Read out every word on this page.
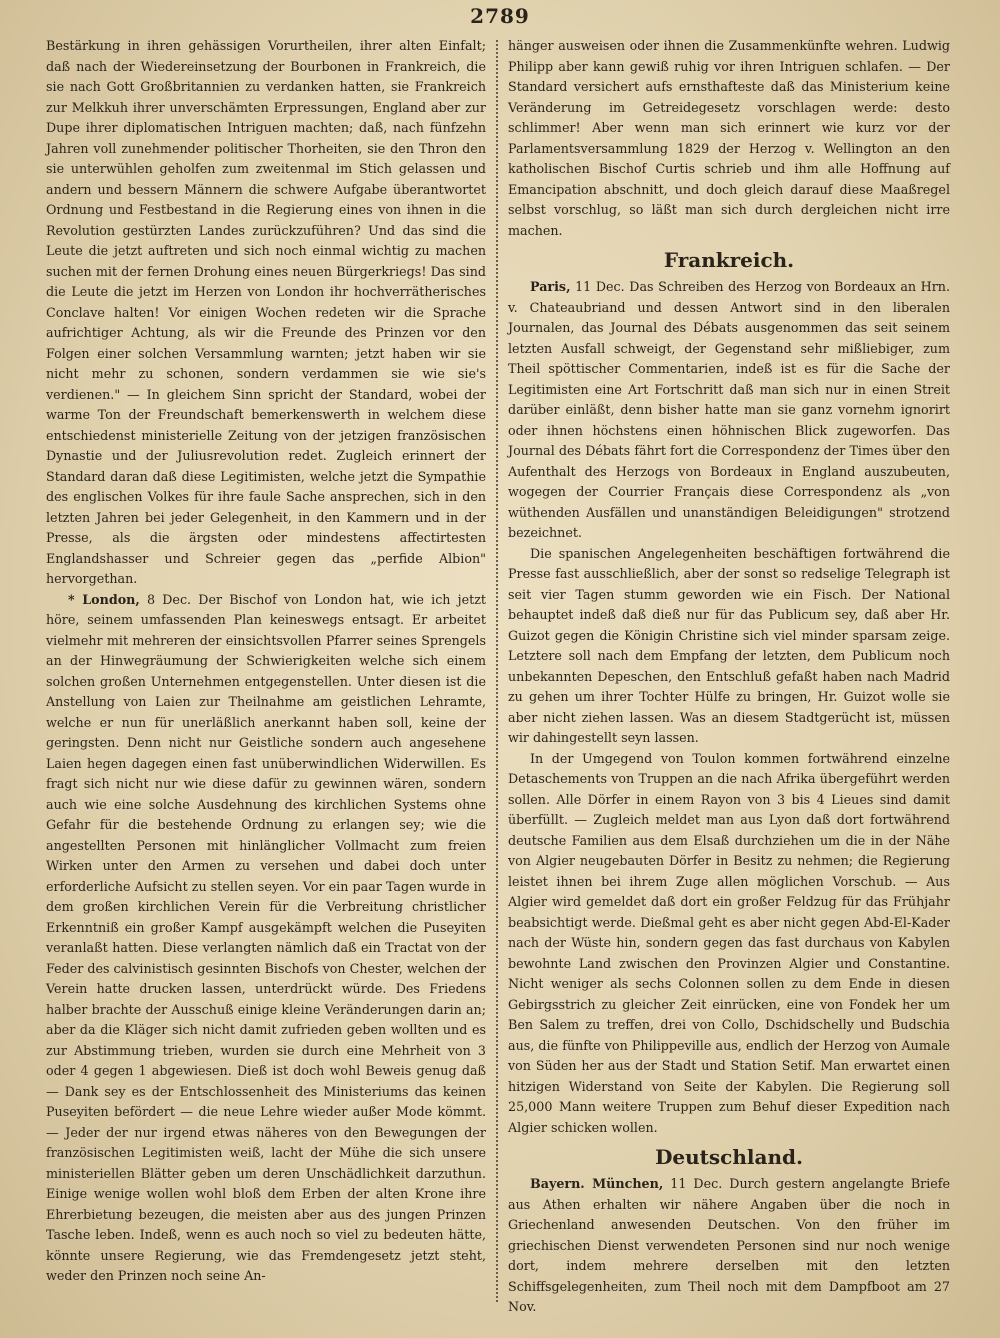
2789

Bestärkung in ihren gehässigen Vorurtheilen, ihrer alten Einfalt; daß nach der Wiedereinsetzung der Bourbonen in Frankreich, die sie nach Gott Großbritannien zu verdanken hatten, sie Frankreich zur Melkkuh ihrer unverschämten Erpressungen, England aber zur Dupe ihrer diplomatischen Intriguen machten; daß, nach fünfzehn Jahren voll zunehmender politischer Thorheiten, sie den Thron den sie unterwühlen geholfen zum zweitenmal im Stich gelassen und andern und bessern Männern die schwere Aufgabe überantwortet Ordnung und Festbestand in die Regierung eines von ihnen in die Revolution gestürzten Landes zurückzuführen? Und das sind die Leute die jetzt auftreten und sich noch einmal wichtig zu machen suchen mit der fernen Drohung eines neuen Bürgerkriegs! Das sind die Leute die jetzt im Herzen von London ihr hochverrätherisches Conclave halten! Vor einigen Wochen redeten wir die Sprache aufrichtiger Achtung, als wir die Freunde des Prinzen vor den Folgen einer solchen Versammlung warnten; jetzt haben wir sie nicht mehr zu schonen, sondern verdammen sie wie sie's verdienen." — In gleichem Sinn spricht der Standard, wobei der warme Ton der Freundschaft bemerkenswerth in welchem diese entschiedenst ministerielle Zeitung von der jetzigen französischen Dynastie und der Juliusrevolution redet. Zugleich erinnert der Standard daran daß diese Legitimisten, welche jetzt die Sympathie des englischen Volkes für ihre faule Sache ansprechen, sich in den letzten Jahren bei jeder Gelegenheit, in den Kammern und in der Presse, als die ärgsten oder mindestens affectirtesten Englandshasser und Schreier gegen das „perfide Albion" hervorgethan.

* London, 8 Dec. Der Bischof von London hat, wie ich jetzt höre, seinem umfassenden Plan keineswegs entsagt. Er arbeitet vielmehr mit mehreren der einsichtsvollen Pfarrer seines Sprengels an der Hinwegräumung der Schwierigkeiten welche sich einem solchen großen Unternehmen entgegenstellen. Unter diesen ist die Anstellung von Laien zur Theilnahme am geistlichen Lehramte, welche er nun für unerläßlich anerkannt haben soll, keine der geringsten. Denn nicht nur Geistliche sondern auch angesehene Laien hegen dagegen einen fast unüberwindlichen Widerwillen. Es fragt sich nicht nur wie diese dafür zu gewinnen wären, sondern auch wie eine solche Ausdehnung des kirchlichen Systems ohne Gefahr für die bestehende Ordnung zu erlangen sey; wie die angestellten Personen mit hinlänglicher Vollmacht zum freien Wirken unter den Armen zu versehen und dabei doch unter erforderliche Aufsicht zu stellen seyen. Vor ein paar Tagen wurde in dem großen kirchlichen Verein für die Verbreitung christlicher Erkenntniß ein großer Kampf ausgekämpft welchen die Puseyiten veranlaßt hatten. Diese verlangten nämlich daß ein Tractat von der Feder des calvinistisch gesinnten Bischofs von Chester, welchen der Verein hatte drucken lassen, unterdrückt würde. Des Friedens halber brachte der Ausschuß einige kleine Veränderungen darin an; aber da die Kläger sich nicht damit zufrieden geben wollten und es zur Abstimmung trieben, wurden sie durch eine Mehrheit von 3 oder 4 gegen 1 abgewiesen. Dieß ist doch wohl Beweis genug daß — Dank sey es der Entschlossenheit des Ministeriums das keinen Puseyiten befördert — die neue Lehre wieder außer Mode kömmt. — Jeder der nur irgend etwas näheres von den Bewegungen der französischen Legitimisten weiß, lacht der Mühe die sich unsere ministeriellen Blätter geben um deren Unschädlichkeit darzuthun. Einige wenige wollen wohl bloß dem Erben der alten Krone ihre Ehrerbietung bezeugen, die meisten aber aus des jungen Prinzen Tasche leben. Indeß, wenn es auch noch so viel zu bedeuten hätte, könnte unsere Regierung, wie das Fremdengesetz jetzt steht, weder den Prinzen noch seine An-

hänger ausweisen oder ihnen die Zusammenkünfte wehren. Ludwig Philipp aber kann gewiß ruhig vor ihren Intriguen schlafen. — Der Standard versichert aufs ernsthafteste daß das Ministerium keine Veränderung im Getreidegesetz vorschlagen werde: desto schlimmer! Aber wenn man sich erinnert wie kurz vor der Parlamentsversammlung 1829 der Herzog v. Wellington an den katholischen Bischof Curtis schrieb und ihm alle Hoffnung auf Emancipation abschnitt, und doch gleich darauf diese Maaßregel selbst vorschlug, so läßt man sich durch dergleichen nicht irre machen.

Frankreich.

Paris, 11 Dec. Das Schreiben des Herzog von Bordeaux an Hrn. v. Chateaubriand und dessen Antwort sind in den liberalen Journalen, das Journal des Débats ausgenommen das seit seinem letzten Ausfall schweigt, der Gegenstand sehr mißliebiger, zum Theil spöttischer Commentarien, indeß ist es für die Sache der Legitimisten eine Art Fortschritt daß man sich nur in einen Streit darüber einläßt, denn bisher hatte man sie ganz vornehm ignorirt oder ihnen höchstens einen höhnischen Blick zugeworfen. Das Journal des Débats fährt fort die Correspondenz der Times über den Aufenthalt des Herzogs von Bordeaux in England auszubeuten, wogegen der Courrier Français diese Correspondenz als „von wüthenden Ausfällen und unanständigen Beleidigungen" strotzend bezeichnet.

Die spanischen Angelegenheiten beschäftigen fortwährend die Presse fast ausschließlich, aber der sonst so redselige Telegraph ist seit vier Tagen stumm geworden wie ein Fisch. Der National behauptet indeß daß dieß nur für das Publicum sey, daß aber Hr. Guizot gegen die Königin Christine sich viel minder sparsam zeige. Letztere soll nach dem Empfang der letzten, dem Publicum noch unbekannten Depeschen, den Entschluß gefaßt haben nach Madrid zu gehen um ihrer Tochter Hülfe zu bringen, Hr. Guizot wolle sie aber nicht ziehen lassen. Was an diesem Stadtgerücht ist, müssen wir dahingestellt seyn lassen.

In der Umgegend von Toulon kommen fortwährend einzelne Detaschements von Truppen an die nach Afrika übergeführt werden sollen. Alle Dörfer in einem Rayon von 3 bis 4 Lieues sind damit überfüllt. — Zugleich meldet man aus Lyon daß dort fortwährend deutsche Familien aus dem Elsaß durchziehen um die in der Nähe von Algier neugebauten Dörfer in Besitz zu nehmen; die Regierung leistet ihnen bei ihrem Zuge allen möglichen Vorschub. — Aus Algier wird gemeldet daß dort ein großer Feldzug für das Frühjahr beabsichtigt werde. Dießmal geht es aber nicht gegen Abd-El-Kader nach der Wüste hin, sondern gegen das fast durchaus von Kabylen bewohnte Land zwischen den Provinzen Algier und Constantine. Nicht weniger als sechs Colonnen sollen zu dem Ende in diesen Gebirgsstrich zu gleicher Zeit einrücken, eine von Fondek her um Ben Salem zu treffen, drei von Collo, Dschidschelly und Budschia aus, die fünfte von Philippeville aus, endlich der Herzog von Aumale von Süden her aus der Stadt und Station Setif. Man erwartet einen hitzigen Widerstand von Seite der Kabylen. Die Regierung soll 25,000 Mann weitere Truppen zum Behuf dieser Expedition nach Algier schicken wollen.

Deutschland.

Bayern. München, 11 Dec. Durch gestern angelangte Briefe aus Athen erhalten wir nähere Angaben über die noch in Griechenland anwesenden Deutschen. Von den früher im griechischen Dienst verwendeten Personen sind nur noch wenige dort, indem mehrere derselben mit den letzten Schiffsgelegenheiten, zum Theil noch mit dem Dampfboot am 27 Nov.
